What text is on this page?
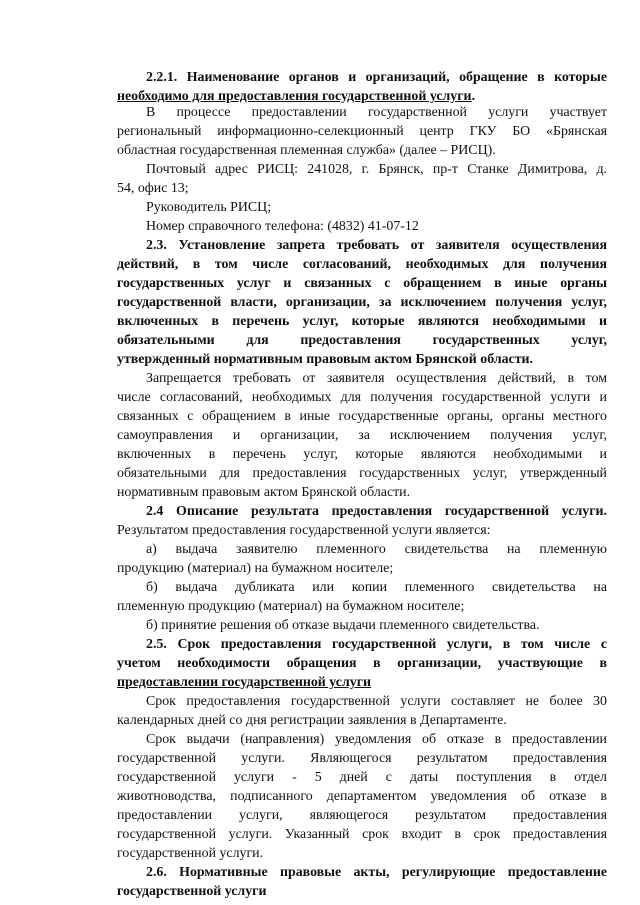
2.2.1. Наименование органов и организаций, обращение в которые
необходимо для предоставления государственной услуги.
В процессе предоставлении государственной услуги участвует
региональный информационно-селекционный центр ГКУ БО «Брянская
областная государственная племенная служба» (далее – РИСЦ).
Почтовый адрес РИСЦ: 241028, г. Брянск, пр-т Станке Димитрова, д.
54, офис 13;
Руководитель РИСЦ;
Номер справочного телефона: (4832) 41-07-12
2.3. Установление запрета требовать от заявителя осуществления
действий, в том числе согласований, необходимых для получения
государственных услуг и связанных с обращением в иные органы
государственной власти, организации, за исключением получения услуг,
включенных в перечень услуг, которые являются необходимыми и
обязательными для предоставления государственных услуг,
утвержденный нормативным правовым актом Брянской области.
Запрещается требовать от заявителя осуществления действий, в том
числе согласований, необходимых для получения государственной услуги и
связанных с обращением в иные государственные органы, органы местного
самоуправления и организации, за исключением получения услуг,
включенных в перечень услуг, которые являются необходимыми и
обязательными для предоставления государственных услуг, утвержденный
нормативным правовым актом Брянской области.
2.4 Описание результата предоставления государственной услуги.
Результатом предоставления государственной услуги является:
а) выдача заявителю племенного свидетельства на племенную
продукцию (материал) на бумажном носителе;
б) выдача дубликата или копии племенного свидетельства на
племенную продукцию (материал) на бумажном носителе;
б) принятие решения об отказе выдачи племенного свидетельства.
2.5. Срок предоставления государственной услуги, в том числе с
учетом необходимости обращения в организации, участвующие в
предоставлении государственной услуги
Срок предоставления государственной услуги составляет не более 30
календарных дней со дня регистрации заявления в Департаменте.
Срок выдачи (направления) уведомления об отказе в предоставлении
государственной услуги. Являющегося результатом предоставления
государственной услуги - 5 дней с даты поступления в отдел
животноводства, подписанного департаментом уведомления об отказе в
предоставлении услуги, являющегося результатом предоставления
государственной услуги. Указанный срок входит в срок предоставления
государственной услуги.
2.6. Нормативные правовые акты, регулирующие предоставление
государственной услуги
